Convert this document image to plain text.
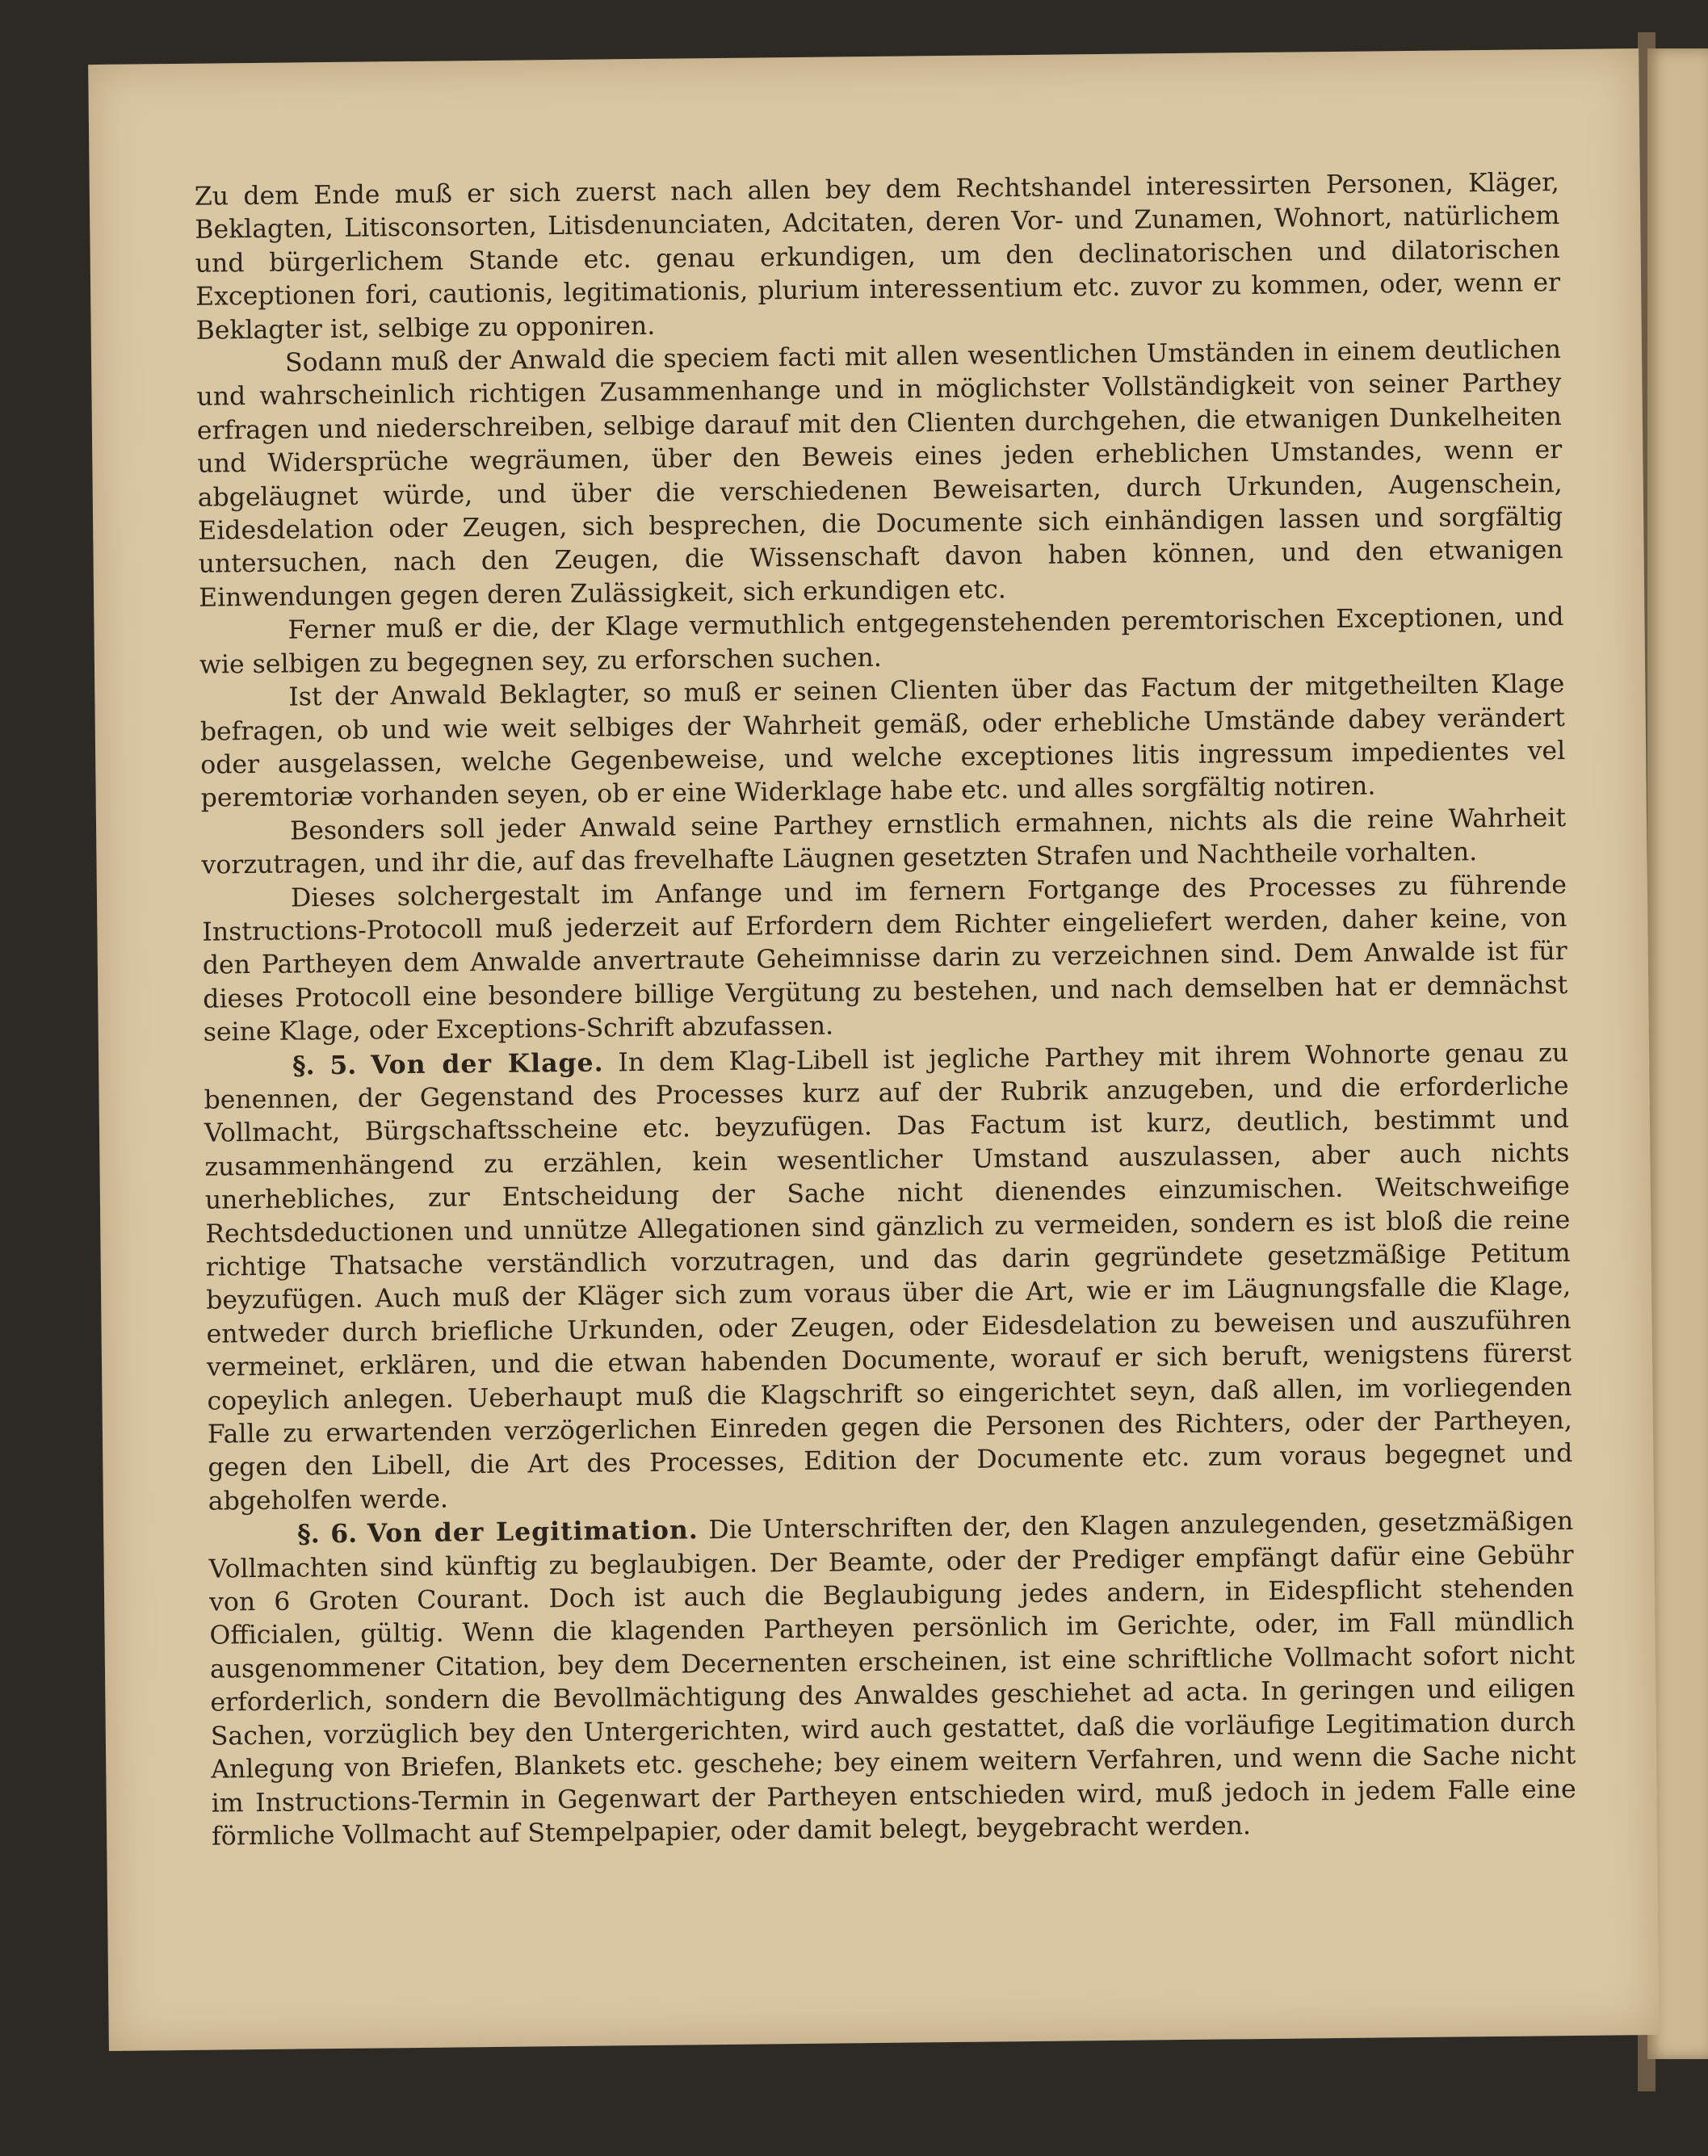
Zu dem Ende muß er sich zuerst nach allen bey dem Rechtshandel interessirten Personen, Kläger, Beklagten, Litisconsorten, Litisdenunciaten, Adcitaten, deren Vor- und Zunamen, Wohnort, natürlichem und bürgerlichem Stande etc. genau erkundigen, um den declinatorischen und dilatorischen Exceptionen fori, cautionis, legitimationis, plurium interessentium etc. zuvor zu kommen, oder, wenn er Beklagter ist, selbige zu opponiren.

Sodann muß der Anwald die speciem facti mit allen wesentlichen Umständen in einem deutlichen und wahrscheinlich richtigen Zusammenhange und in möglichster Vollständigkeit von seiner Parthey erfragen und niederschreiben, selbige darauf mit den Clienten durchgehen, die etwanigen Dunkelheiten und Widersprüche wegräumen, über den Beweis eines jeden erheblichen Umstandes, wenn er abgeläugnet würde, und über die verschiedenen Beweisarten, durch Urkunden, Augenschein, Eidesdelation oder Zeugen, sich besprechen, die Documente sich einhändigen lassen und sorgfältig untersuchen, nach den Zeugen, die Wissenschaft davon haben können, und den etwanigen Einwendungen gegen deren Zulässigkeit, sich erkundigen etc.

Ferner muß er die, der Klage vermuthlich entgegenstehenden peremtorischen Exceptionen, und wie selbigen zu begegnen sey, zu erforschen suchen.

Ist der Anwald Beklagter, so muß er seinen Clienten über das Factum der mitgetheilten Klage befragen, ob und wie weit selbiges der Wahrheit gemäß, oder erhebliche Umstände dabey verändert oder ausgelassen, welche Gegenbeweise, und welche exceptiones litis ingressum impedientes vel peremtoriæ vorhanden seyen, ob er eine Widerklage habe etc. und alles sorgfältig notiren.

Besonders soll jeder Anwald seine Parthey ernstlich ermahnen, nichts als die reine Wahrheit vorzutragen, und ihr die, auf das frevelhafte Läugnen gesetzten Strafen und Nachtheile vorhalten.

Dieses solchergestalt im Anfange und im fernern Fortgange des Processes zu führende Instructions-Protocoll muß jederzeit auf Erfordern dem Richter eingeliefert werden, daher keine, von den Partheyen dem Anwalde anvertraute Geheimnisse darin zu verzeichnen sind. Dem Anwalde ist für dieses Protocoll eine besondere billige Vergütung zu bestehen, und nach demselben hat er demnächst seine Klage, oder Exceptions-Schrift abzufassen.

§. 5. Von der Klage. In dem Klag-Libell ist jegliche Parthey mit ihrem Wohnorte genau zu benennen, der Gegenstand des Processes kurz auf der Rubrik anzugeben, und die erforderliche Vollmacht, Bürgschaftsscheine etc. beyzufügen. Das Factum ist kurz, deutlich, bestimmt und zusammenhängend zu erzählen, kein wesentlicher Umstand auszulassen, aber auch nichts unerhebliches, zur Entscheidung der Sache nicht dienendes einzumischen. Weitschweifige Rechtsdeductionen und unnütze Allegationen sind gänzlich zu vermeiden, sondern es ist bloß die reine richtige Thatsache verständlich vorzutragen, und das darin gegründete gesetzmäßige Petitum beyzufügen. Auch muß der Kläger sich zum voraus über die Art, wie er im Läugnungsfalle die Klage, entweder durch briefliche Urkunden, oder Zeugen, oder Eidesdelation zu beweisen und auszuführen vermeinet, erklären, und die etwan habenden Documente, worauf er sich beruft, wenigstens fürerst copeylich anlegen. Ueberhaupt muß die Klagschrift so eingerichtet seyn, daß allen, im vorliegenden Falle zu erwartenden verzögerlichen Einreden gegen die Personen des Richters, oder der Partheyen, gegen den Libell, die Art des Processes, Edition der Documente etc. zum voraus begegnet und abgeholfen werde.

§. 6. Von der Legitimation. Die Unterschriften der, den Klagen anzulegenden, gesetzmäßigen Vollmachten sind künftig zu beglaubigen. Der Beamte, oder der Prediger empfängt dafür eine Gebühr von 6 Groten Courant. Doch ist auch die Beglaubigung jedes andern, in Eidespflicht stehenden Officialen, gültig. Wenn die klagenden Partheyen persönlich im Gerichte, oder, im Fall mündlich ausgenommener Citation, bey dem Decernenten erscheinen, ist eine schriftliche Vollmacht sofort nicht erforderlich, sondern die Bevollmächtigung des Anwaldes geschiehet ad acta. In geringen und eiligen Sachen, vorzüglich bey den Untergerichten, wird auch gestattet, daß die vorläufige Legitimation durch Anlegung von Briefen, Blankets etc. geschehe; bey einem weitern Verfahren, und wenn die Sache nicht im Instructions-Termin in Gegenwart der Partheyen entschieden wird, muß jedoch in jedem Falle eine förmliche Vollmacht auf Stempelpapier, oder damit belegt, beygebracht werden.
